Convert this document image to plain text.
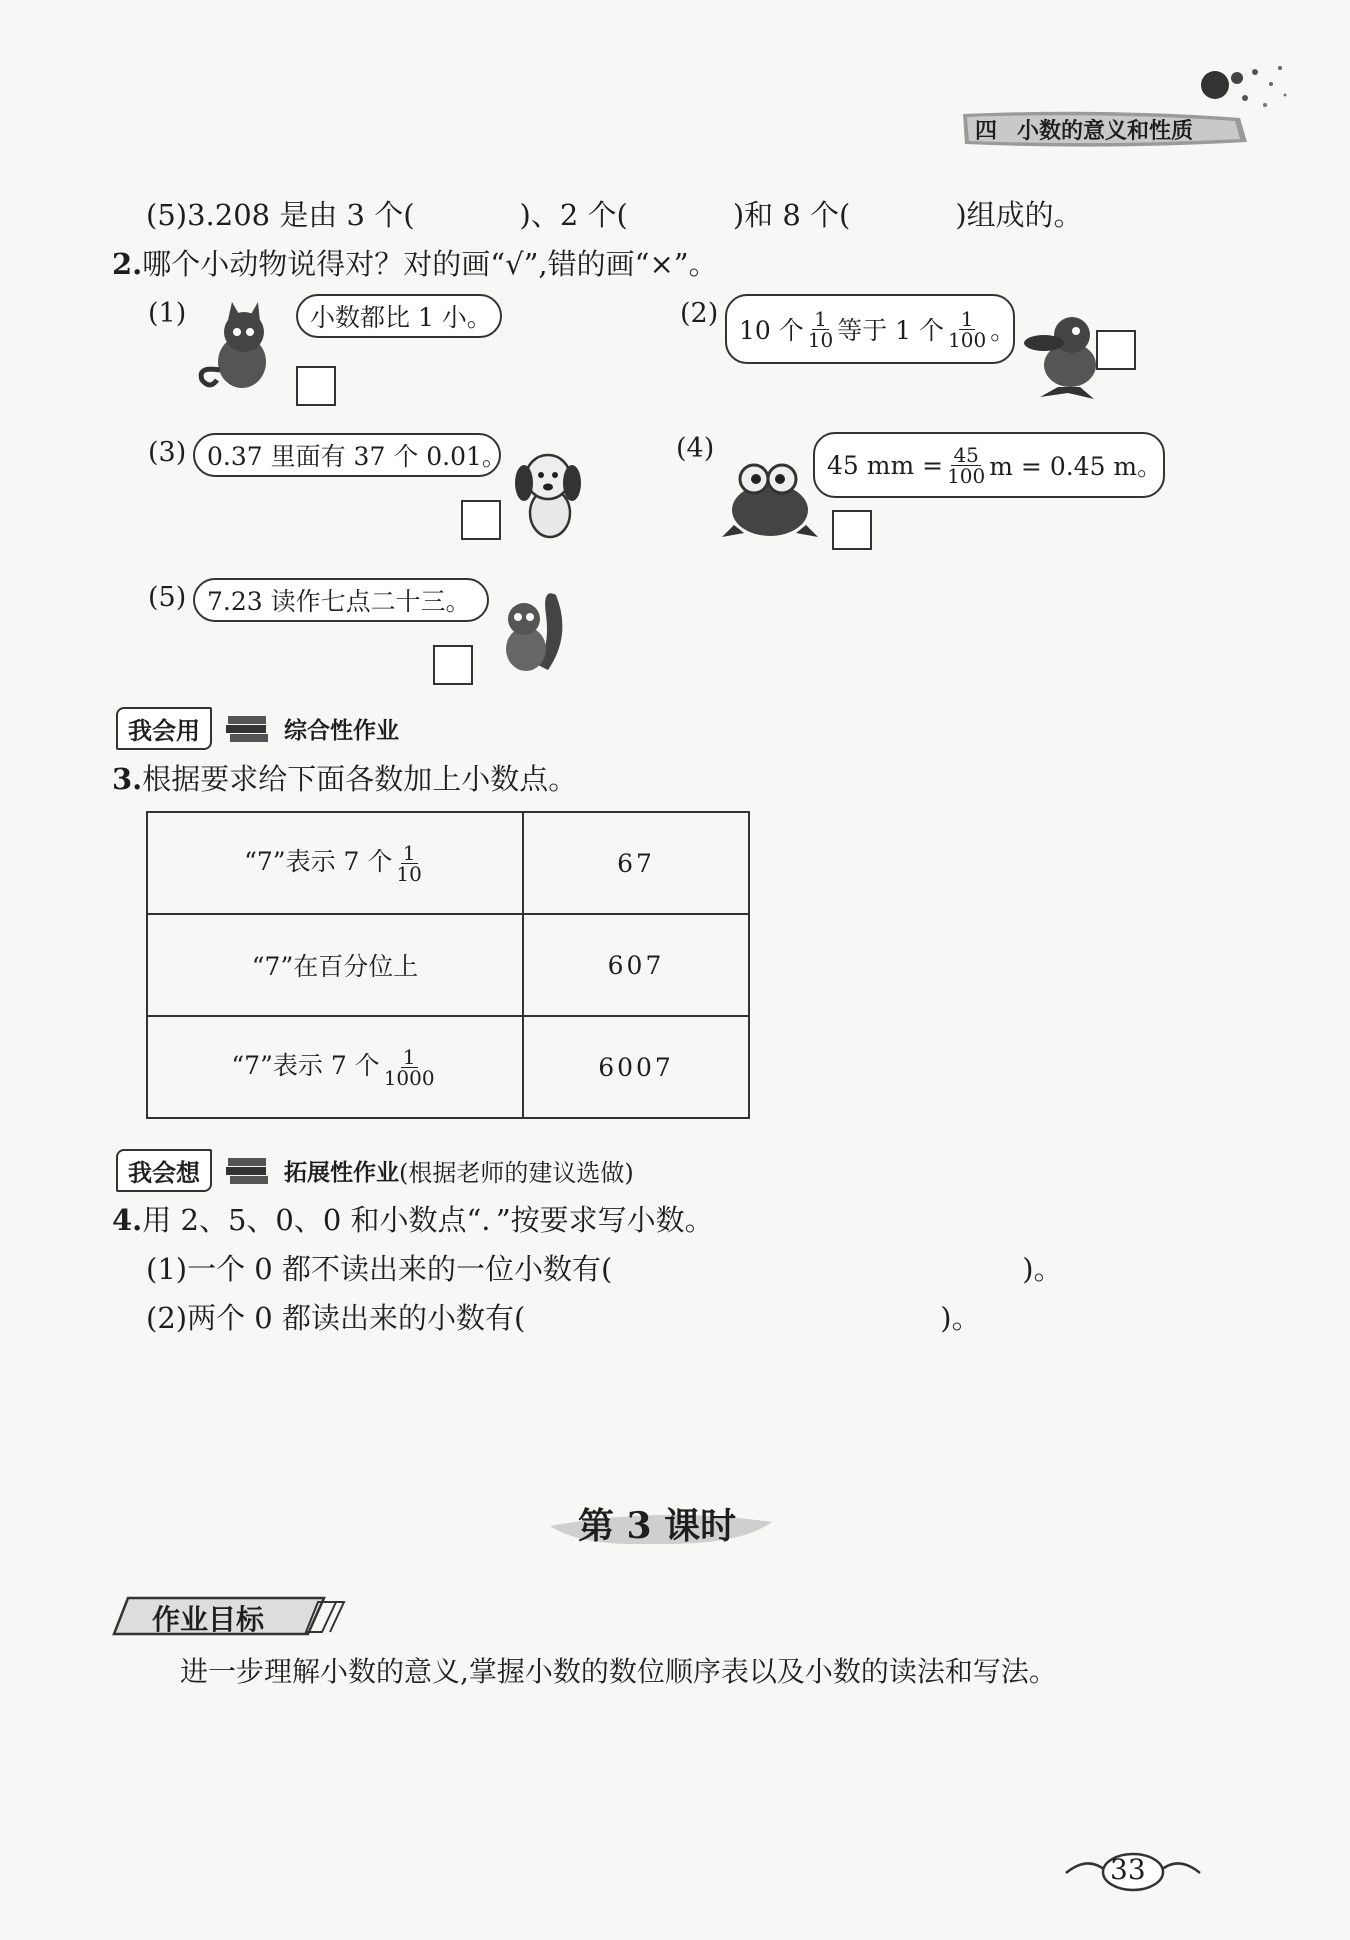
四 小数的意义和性质
(5)3.208 是由 3 个(	)、2 个(	)和 8 个(	)组成的。
2.哪个小动物说得对？对的画“√”,错的画“×”。
(1)	小数都比 1 小。	(2)
10 个 $\frac{1}{10}$ 等于 1 个 $\frac{1}{100}$ 。
(3) 0.37 里面有 37 个 0.01。	(4)
45 mm = $\frac{45}{100}$ m = 0.45 m。
(5) 7.23 读作七点二十三。
我会用	综合性作业
3.根据要求给下面各数加上小数点。
“7”表示 7 个 $\frac{1}{10}$	67
“7”在百分位上	607
“7”表示 7 个 $\frac{1}{1000}$	6007
我会想	拓展性作业 (根据老师的建议选做)
4.用 2、5、0、0 和小数点“．”按要求写小数。
(1)一个 0 都不读出来的一位小数有(	)。
(2)两个 0 都读出来的小数有(	)。
第 3 课时
作业目标
进一步理解小数的意义,掌握小数的数位顺序表以及小数的读法和写法。
33
